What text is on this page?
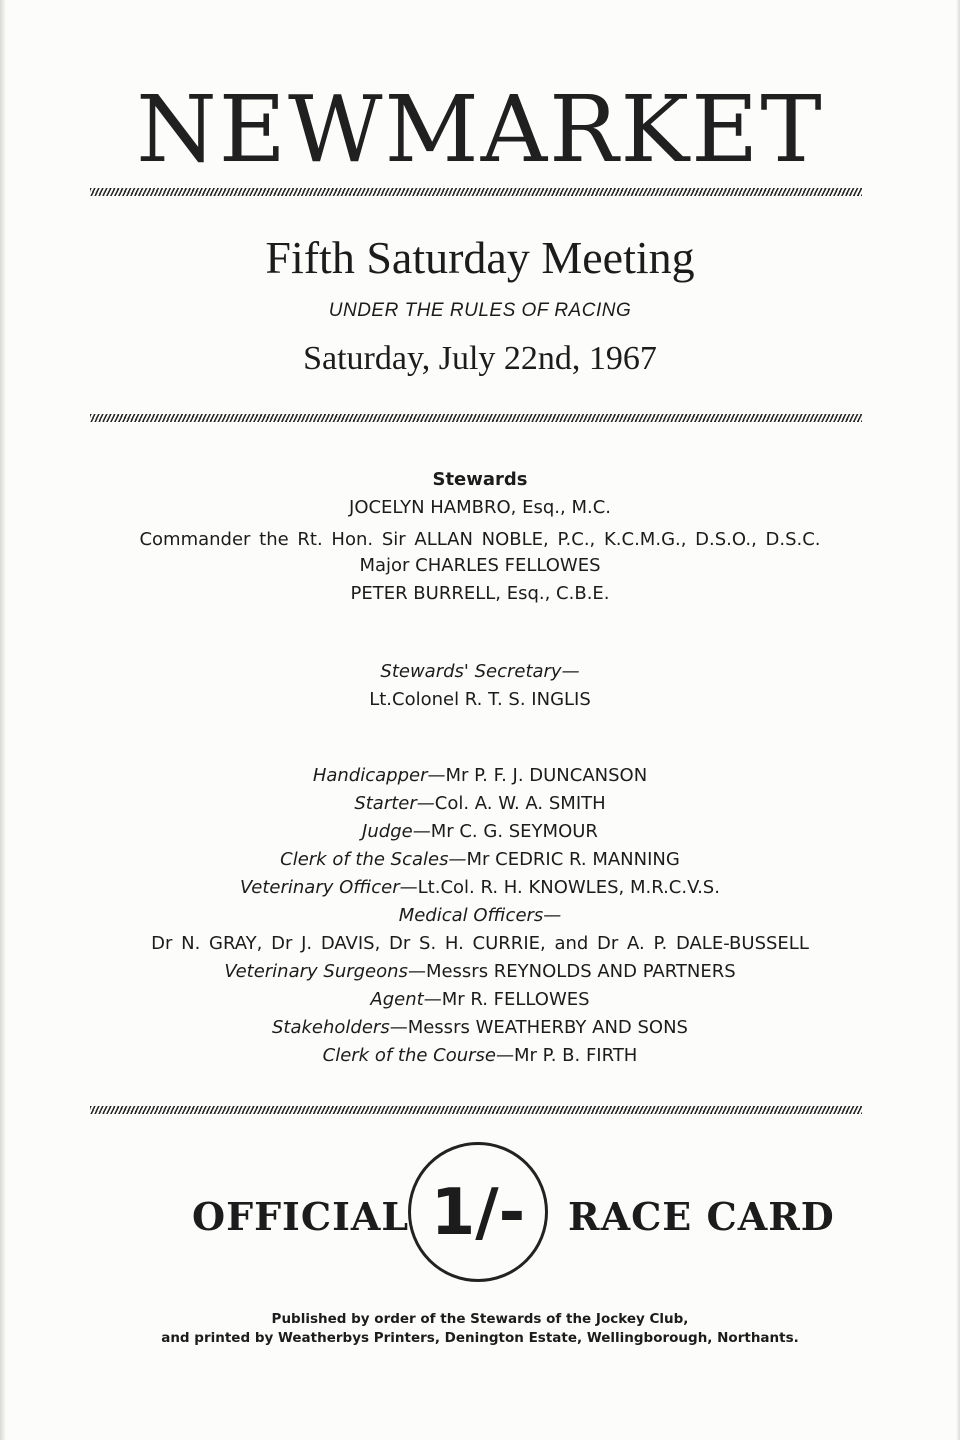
NEWMARKET
Fifth Saturday Meeting
UNDER THE RULES OF RACING
Saturday, July 22nd, 1967
Stewards
JOCELYN HAMBRO, Esq., M.C.
Commander the Rt. Hon. Sir ALLAN NOBLE, P.C., K.C.M.G., D.S.O., D.S.C.
Major CHARLES FELLOWES
PETER BURRELL, Esq., C.B.E.
Stewards' Secretary—
Lt.Colonel R. T. S. INGLIS
Handicapper—Mr P. F. J. DUNCANSON
Starter—Col. A. W. A. SMITH
Judge—Mr C. G. SEYMOUR
Clerk of the Scales—Mr CEDRIC R. MANNING
Veterinary Officer—Lt.Col. R. H. KNOWLES, M.R.C.V.S.
Medical Officers—
Dr N. GRAY, Dr J. DAVIS, Dr S. H. CURRIE, and Dr A. P. DALE-BUSSELL
Veterinary Surgeons—Messrs REYNOLDS AND PARTNERS
Agent—Mr R. FELLOWES
Stakeholders—Messrs WEATHERBY AND SONS
Clerk of the Course—Mr P. B. FIRTH
OFFICIAL 1/-	RACE CARD
Published by order of the Stewards of the Jockey Club,
and printed by Weatherbys Printers, Denington Estate, Wellingborough, Northants.
